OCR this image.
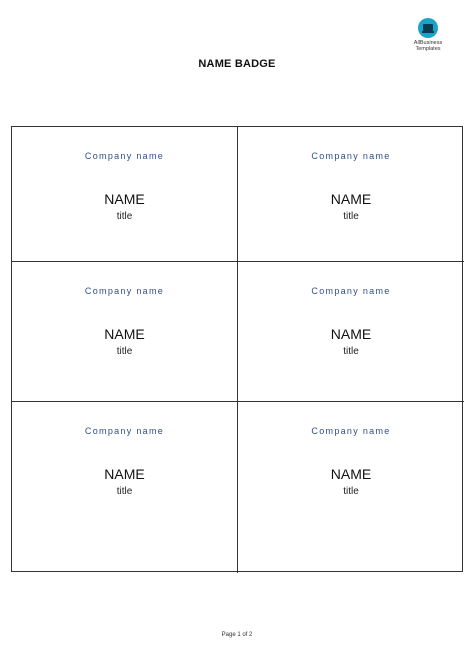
AllBusiness
Templates
NAME BADGE
Company name
NAME
title
Company name
NAME
title
Company name
NAME
title
Company name
NAME
title
Company name
NAME
title
Company name
NAME
title
Page 1 of 2
